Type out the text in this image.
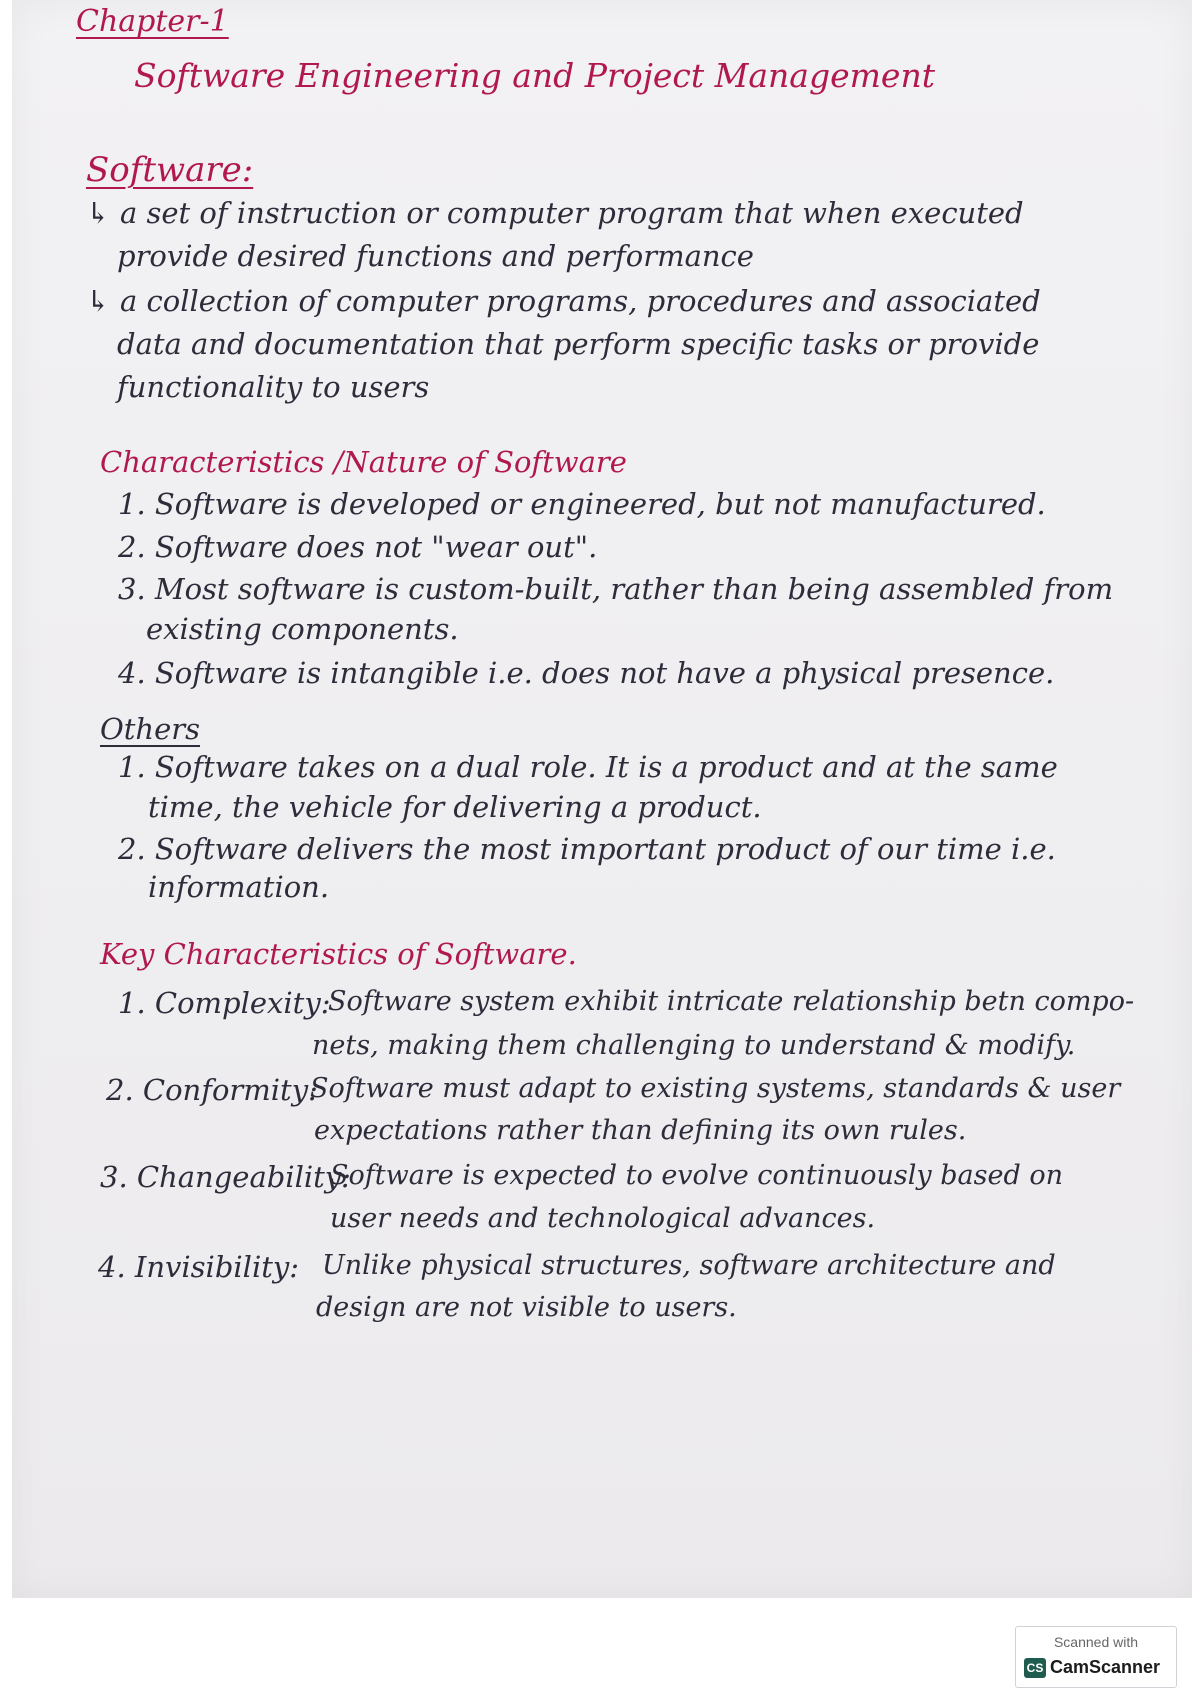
Chapter-1
Software Engineering and Project Management
Software:
↳ a set of instruction or computer program that when executed
provide desired functions and performance
↳ a collection of computer programs, procedures and associated
data and documentation that perform specific tasks or provide
functionality to users
Characteristics /Nature of Software
1. Software is developed or engineered, but not manufactured.
2. Software does not "wear out".
3. Most software is custom-built, rather than being assembled from
existing components.
4. Software is intangible i.e. does not have a physical presence.
Others
1. Software takes on a dual role. It is a product and at the same
time, the vehicle for delivering a product.
2. Software delivers the most important product of our time i.e.
information.
Key Characteristics of Software.
1. Complexity:
Software system exhibit intricate relationship betn compo-
nets, making them challenging to understand & modify.
2. Conformity:
Software must adapt to existing systems, standards & user
expectations rather than defining its own rules.
3. Changeability:
Software is expected to evolve continuously based on
user needs and technological advances.
4. Invisibility: Unlike physical structures, software architecture and
design are not visible to users.
Scanned with
CS CamScanner
